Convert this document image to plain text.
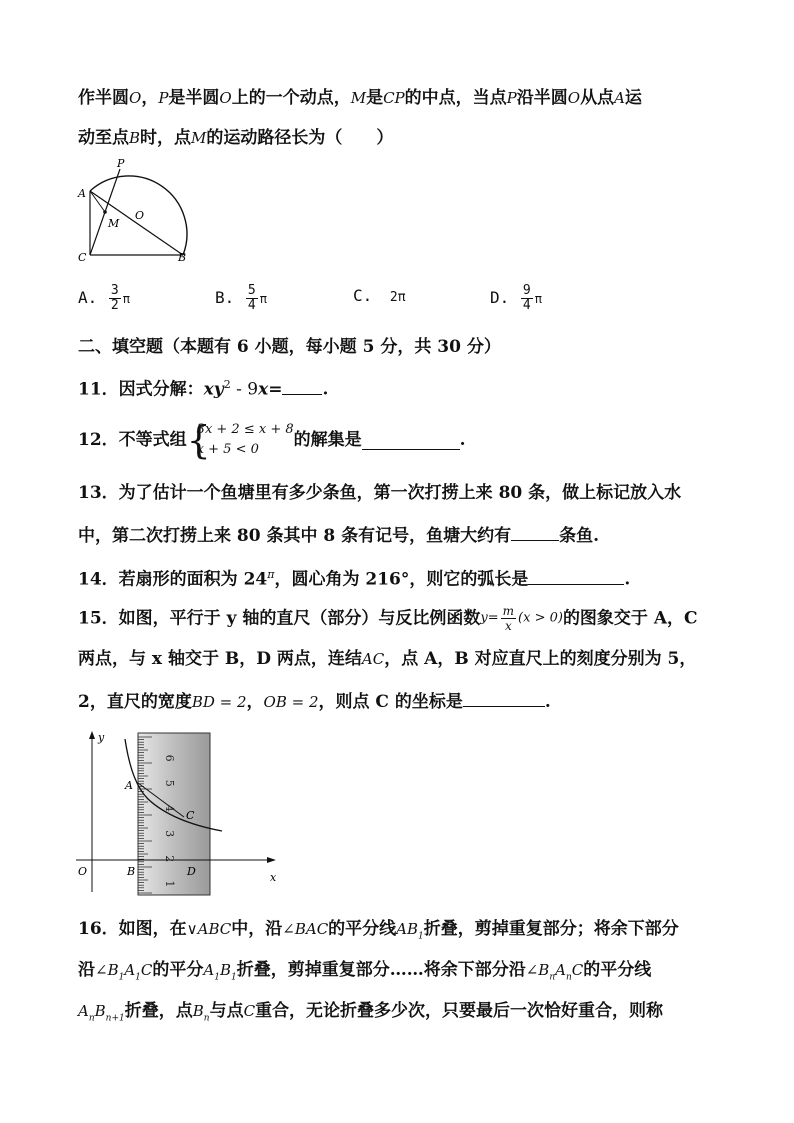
作半圆O，P是半圆O上的一个动点，M是CP的中点，当点P沿半圆O从点A运
动至点B时，点M的运动路径长为（　　）
P
A
M
O
C	B
A. $\frac{3}{2}$ π	B. $\frac{5}{4}$ π	C. 2π	D. $\frac{9}{4}$ π
二、填空题（本题有 6 小题，每小题 5 分，共 30 分）
11．因式分解：$xy^2 - 9x=$ .
12．不等式组 {
3x + 2 ≤ x + 8
x + 5 < 0	的解集是	.
13．为了估计一个鱼塘里有多少条鱼，第一次打捞上来 80 条，做上标记放入水
中，第二次打捞上来 80 条其中 8 条有记号，鱼塘大约有	条鱼.
14．若扇形的面积为 $24^\pi$，圆心角为 216°，则它的弧长是	.
15．如图，平行于 y 轴的直尺（部分）与反比例函数$y= \frac{m}{x} (x > 0)$的图象交于 A，C
两点，与 x 轴交于 B，D 两点，连结AC，点 A，B 对应直尺上的刻度分别为 5，
2，直尺的宽度BD = 2，OB = 2，则点 C 的坐标是	.
y
x
O
A
C
B	D
1
2
3
4
5
6
16．如图，在∨ABC中，沿∠BAC的平分线$AB_1$折叠，剪掉重复部分；将余下部分
沿$\angle B_1A_1C$的平分$A_1B_1$折叠，剪掉重复部分……将余下部分沿$\angle B_nA_nC$的平分线
$A_nB_{n+1}$折叠，点$B_n$与点C重合，无论折叠多少次，只要最后一次恰好重合，则称
